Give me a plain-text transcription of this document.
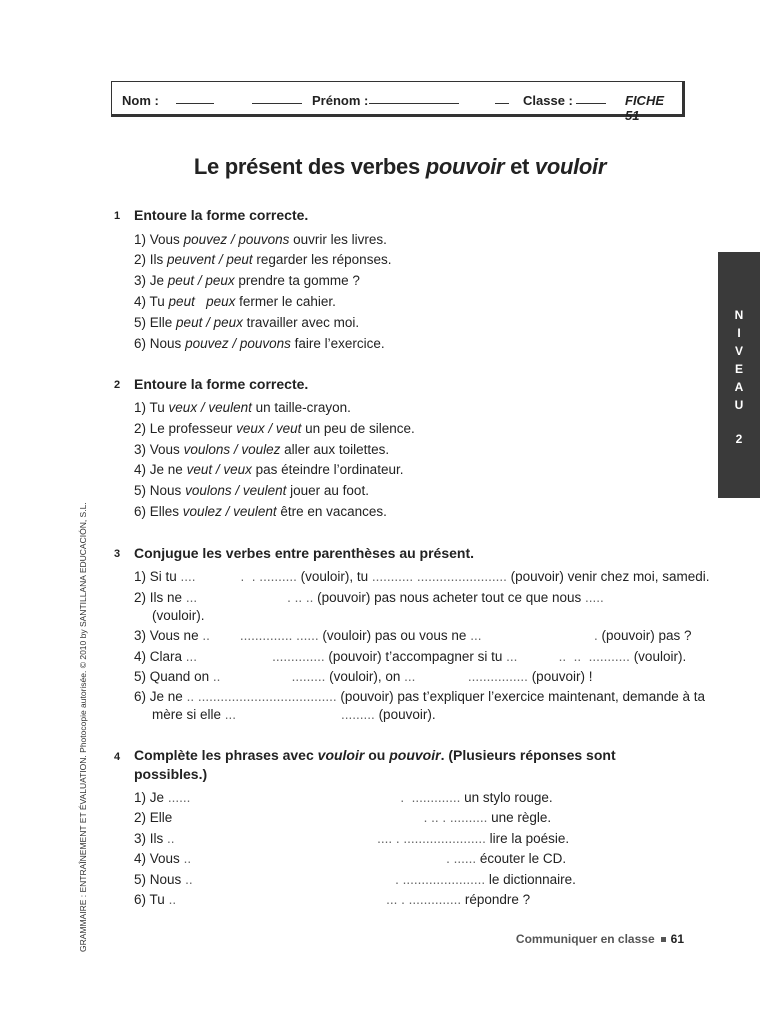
Nom :	Prénom :	Classe :	FICHE 51
Le présent des verbes pouvoir et vouloir
N
I
V
E
A
U
2
1 Entoure la forme correcte.
1) Vous pouvez / pouvons ouvrir les livres.
2) Ils peuvent / peut regarder les réponses.
3) Je peut / peux prendre ta gomme ?
4) Tu peut   peux fermer le cahier.
5) Elle peut / peux travailler avec moi.
6) Nous pouvez / pouvons faire l’exercice.
2 Entoure la forme correcte.
1) Tu veux / veulent un taille-crayon.
2) Le professeur veux / veut un peu de silence.
3) Vous voulons / voulez aller aux toilettes.
4) Je ne veut / veux pas éteindre l’ordinateur.
5) Nous voulons / veulent jouer au foot.
6) Elles voulez / veulent être en vacances.
3 Conjugue les verbes entre parenthèses au présent.
1) Si tu ....            .  . .......... (vouloir), tu ........... ........................ (pouvoir) venir chez moi, samedi.
2) Ils ne ...                        . .. .. (pouvoir) pas nous acheter tout ce que nous .....
(vouloir).
3) Vous ne ..        .............. ...... (vouloir) pas ou vous ne ...                              . (pouvoir) pas ?
4) Clara ...                    .............. (pouvoir) t’accompagner si tu ...           ..  ..  ........... (vouloir).
5) Quand on ..                   ......... (vouloir), on ...              ................ (pouvoir) !
6) Je ne .. ..................................... (pouvoir) pas t’expliquer l’exercice maintenant, demande à ta
mère si elle ...                            ......... (pouvoir).
4 Complète les phrases avec vouloir ou pouvoir. (Plusieurs réponses sont
possibles.)
1) Je ......                                                        .  ............. un stylo rouge.
2) Elle                                                                   . .. . .......... une règle.
3) Ils ..                                                      .... . ...................... lire la poésie.
4) Vous ..                                                                    . ...... écouter le CD.
5) Nous ..                                                      . ...................... le dictionnaire.
6) Tu ..                                                        ... . .............. répondre ?
GRAMMAIRE : ENTRAÎNEMENT ET ÉVALUATION. Photocopie autorisée. © 2010 by SANTILLANA EDUCACIÓN, S.L.	Communiquer en classe 61
